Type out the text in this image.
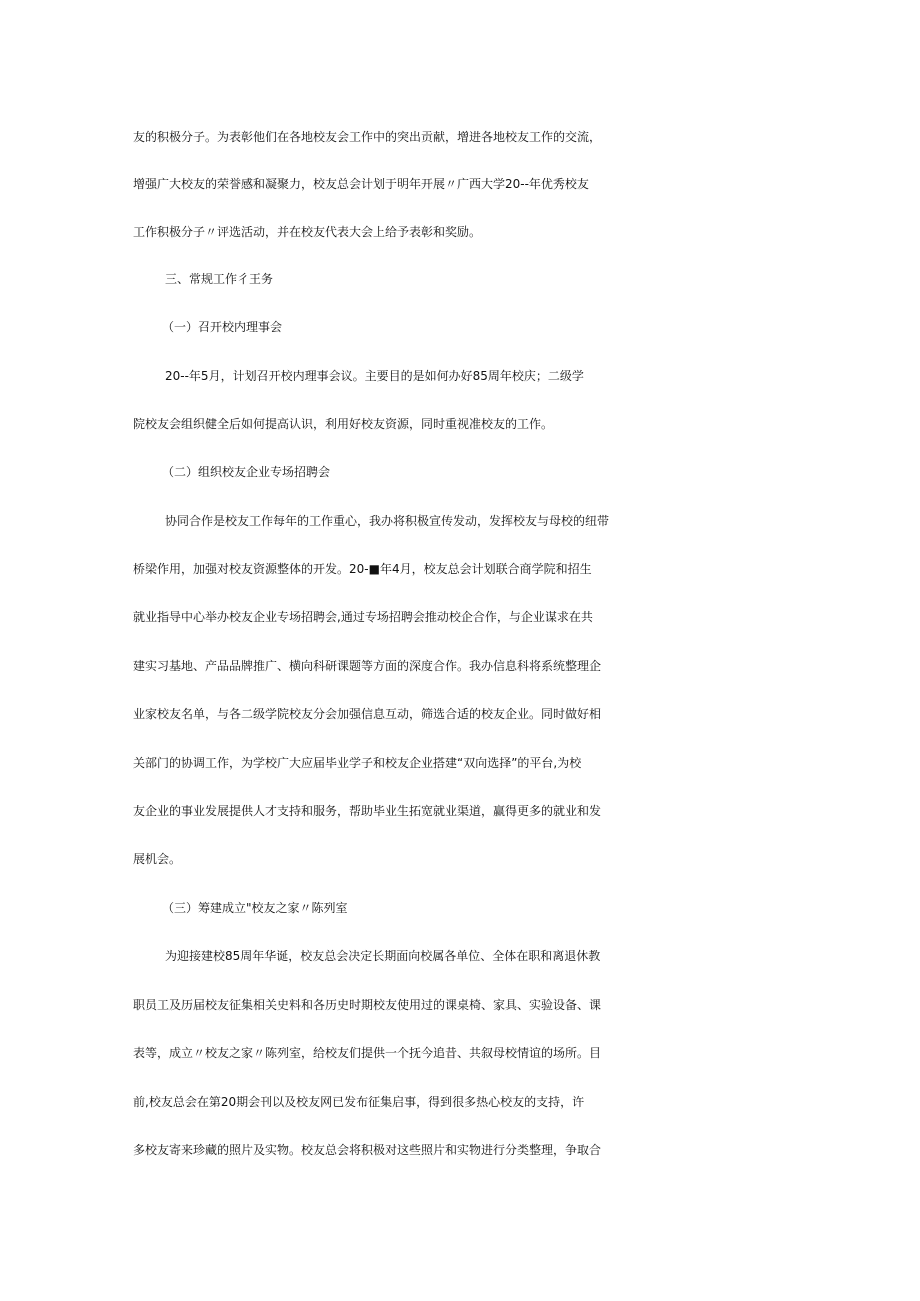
友的积极分子。为表彰他们在各地校友会工作中的突出贡献，增进各地校友工作的交流，

增强广大校友的荣誉感和凝聚力，校友总会计划于明年开展〃广西大学20--年优秀校友

工作积极分子〃评选活动，并在校友代表大会上给予表彰和奖励。

三、常规工作彳王务

（一）召开校内理事会

20--年5月，计划召开校内理事会议。主要目的是如何办好85周年校庆；二级学

院校友会组织健全后如何提高认识，利用好校友资源，同时重视准校友的工作。

（二）组织校友企业专场招聘会

协同合作是校友工作每年的工作重心，我办将积极宣传发动，发挥校友与母校的纽带

桥梁作用，加强对校友资源整体的开发。20-■年4月，校友总会计划联合商学院和招生

就业指导中心举办校友企业专场招聘会,通过专场招聘会推动校企合作，与企业谋求在共

建实习基地、产品品牌推广、横向科研课题等方面的深度合作。我办信息科将系统整理企

业家校友名单，与各二级学院校友分会加强信息互动，筛选合适的校友企业。同时做好相

关部门的协调工作，为学校广大应届毕业学子和校友企业搭建“双向选择”的平台,为校

友企业的事业发展提供人才支持和服务，帮助毕业生拓宽就业渠道，赢得更多的就业和发

展机会。

（三）筹建成立"校友之家〃陈列室

为迎接建校85周年华诞，校友总会决定长期面向校属各单位、全体在职和离退休教

职员工及历届校友征集相关史料和各历史时期校友使用过的课桌椅、家具、实验设备、课

表等，成立〃校友之家〃陈列室，给校友们提供一个抚今追昔、共叙母校情谊的场所。目

前,校友总会在第20期会刊以及校友网已发布征集启事，得到很多热心校友的支持，许

多校友寄来珍藏的照片及实物。校友总会将积极对这些照片和实物进行分类整理，争取合
